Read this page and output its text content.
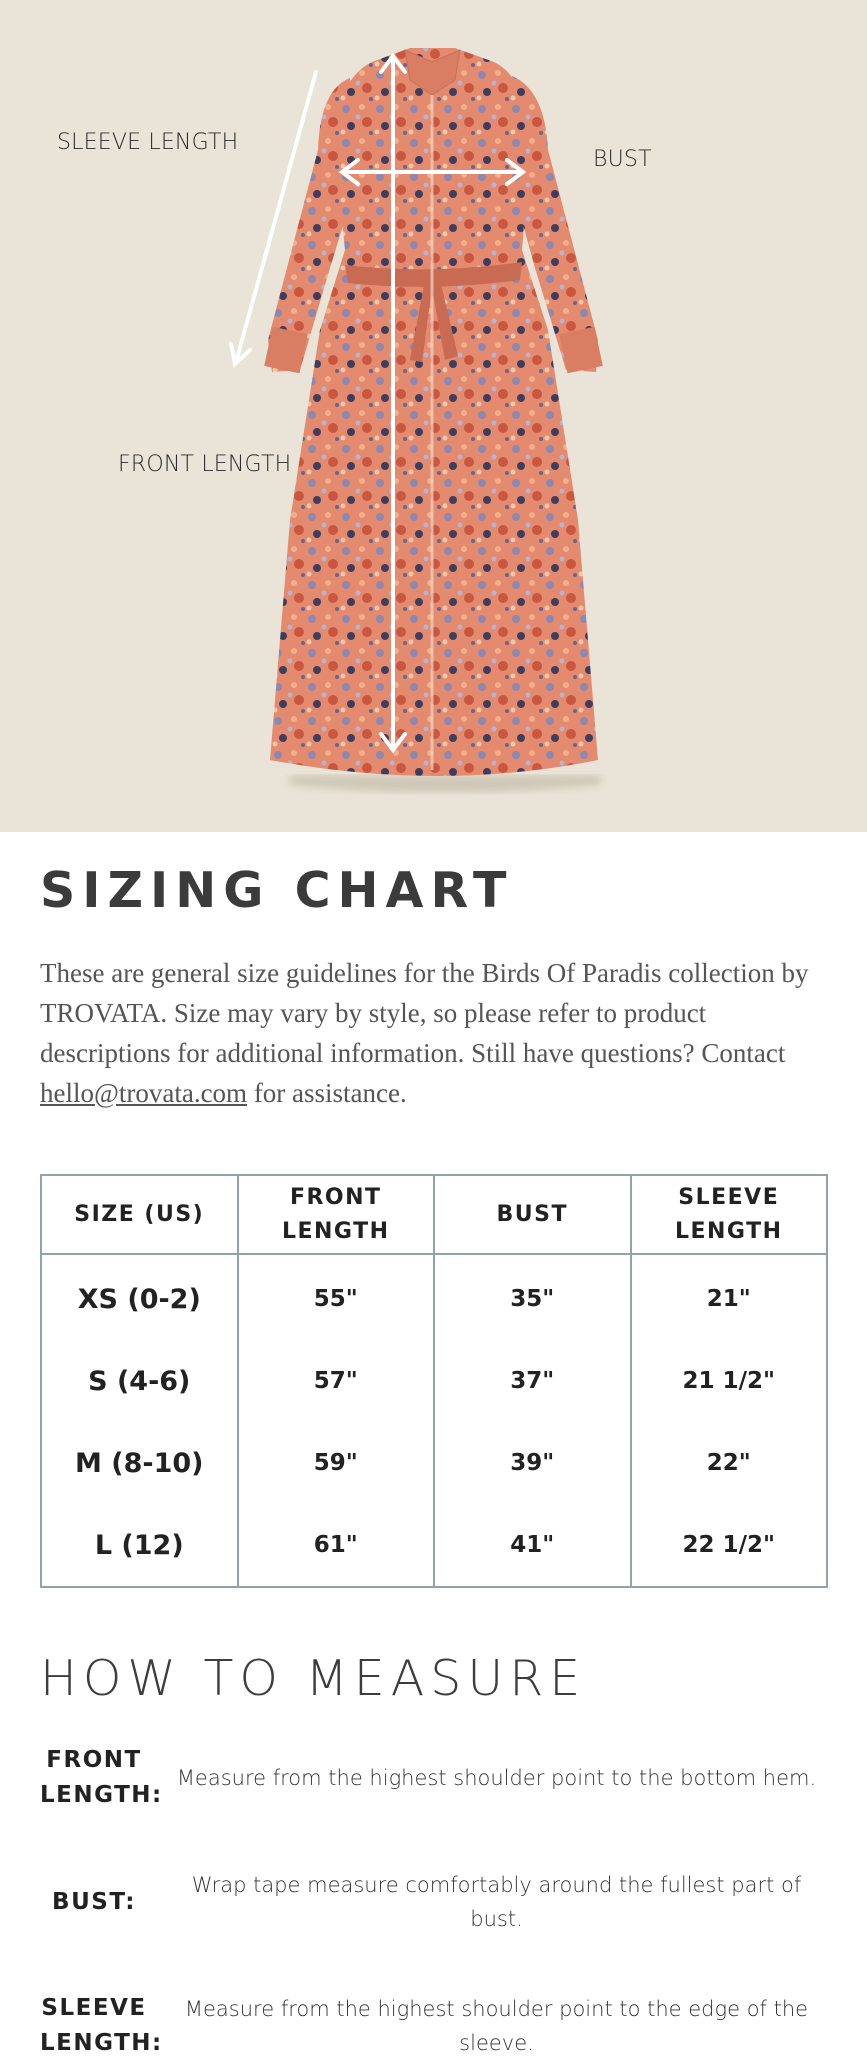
SLEEVE LENGTH
BUST
FRONT LENGTH
SIZING CHART

These are general size guidelines for the Birds Of Paradis collection by TROVATA. Size may vary by style, so please refer to product descriptions for additional information. Still have questions? Contact hello@trovata.com for assistance.

SIZE (US)	FRONT LENGTH	BUST	SLEEVE LENGTH
XS (0-2)	55"	35"	21"
S (4-6)	57"	37"	21 1/2"
M (8-10)	59"	39"	22"
L (12)	61"	41"	22 1/2"
HOW TO MEASURE
FRONT LENGTH:
Measure from the highest shoulder point to the bottom hem.
BUST:
Wrap tape measure comfortably around the fullest part of bust.
SLEEVE LENGTH:
Measure from the highest shoulder point to the edge of the sleeve.
